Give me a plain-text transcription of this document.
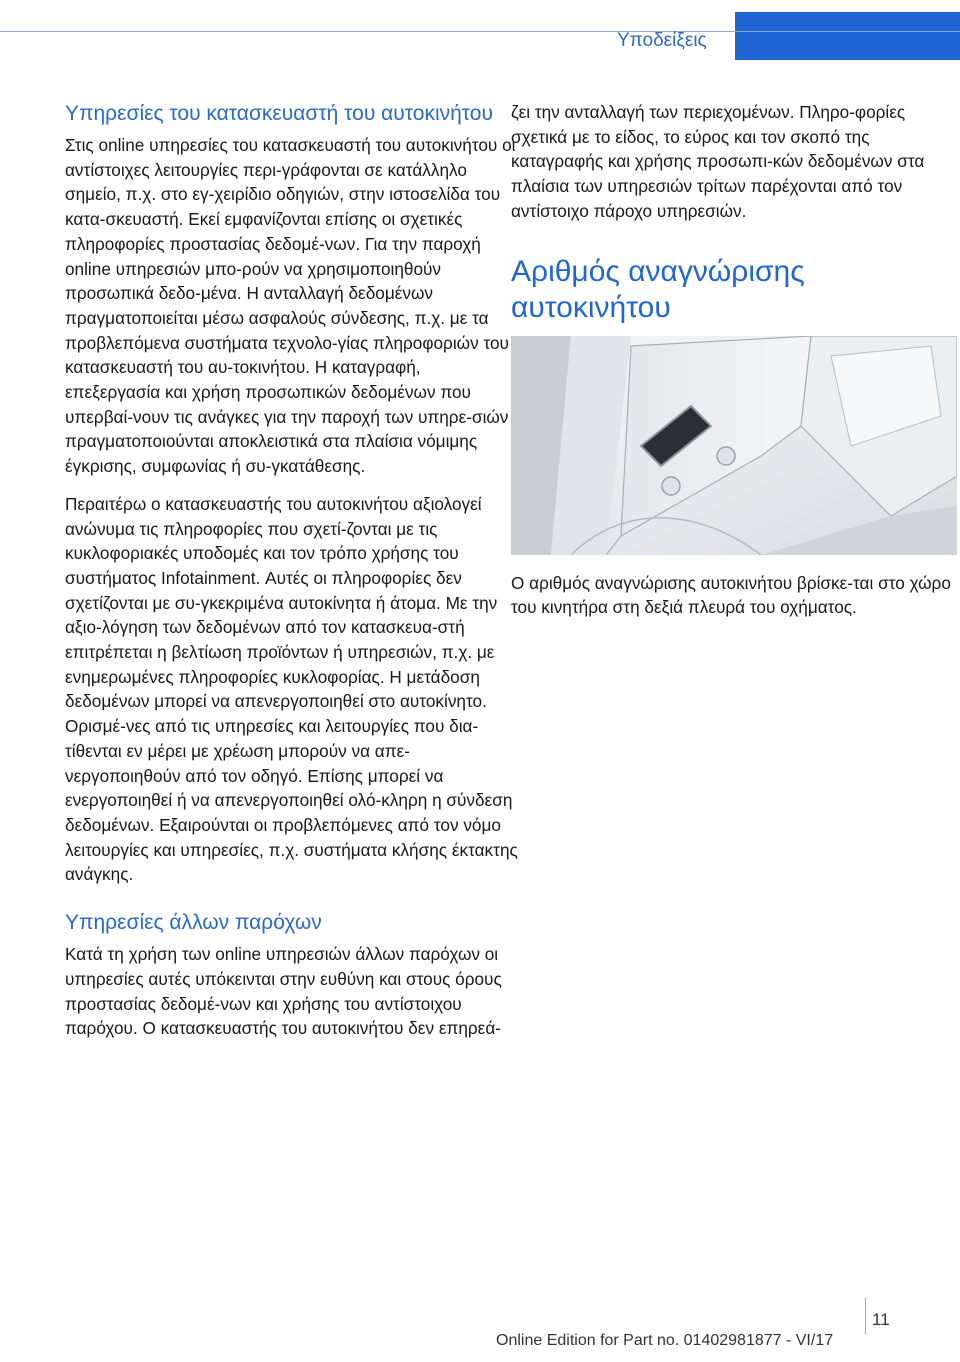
Υποδείξεις
Υπηρεσίες του κατασκευαστή του αυτοκινήτου

Στις online υπηρεσίες του κατασκευαστή του αυτοκινήτου οι αντίστοιχες λειτουργίες περι-γράφονται σε κατάλληλο σημείο, π.χ. στο εγ-χειρίδιο οδηγιών, στην ιστοσελίδα του κατα-σκευαστή. Εκεί εμφανίζονται επίσης οι σχετικές πληροφορίες προστασίας δεδομέ-νων. Για την παροχή online υπηρεσιών μπο-ρούν να χρησιμοποιηθούν προσωπικά δεδο-μένα. Η ανταλλαγή δεδομένων πραγματοποιείται μέσω ασφαλούς σύνδεσης, π.χ. με τα προβλεπόμενα συστήματα τεχνολο-γίας πληροφοριών του κατασκευαστή του αυ-τοκινήτου. Η καταγραφή, επεξεργασία και χρήση προσωπικών δεδομένων που υπερβαί-νουν τις ανάγκες για την παροχή των υπηρε-σιών πραγματοποιούνται αποκλειστικά στα πλαίσια νόμιμης έγκρισης, συμφωνίας ή συ-γκατάθεσης.

Περαιτέρω ο κατασκευαστής του αυτοκινήτου αξιολογεί ανώνυμα τις πληροφορίες που σχετί-ζονται με τις κυκλοφοριακές υποδομές και τον τρόπο χρήσης του συστήματος Infotainment. Αυτές οι πληροφορίες δεν σχετίζονται με συ-γκεκριμένα αυτοκίνητα ή άτομα. Με την αξιο-λόγηση των δεδομένων από τον κατασκευα-στή επιτρέπεται η βελτίωση προϊόντων ή υπηρεσιών, π.χ. με ενημερωμένες πληροφορίες κυκλοφορίας. Η μετάδοση δεδομένων μπορεί να απενεργοποιηθεί στο αυτοκίνητο. Ορισμέ-νες από τις υπηρεσίες και λειτουργίες που δια-τίθενται εν μέρει με χρέωση μπορούν να απε-νεργοποιηθούν από τον οδηγό. Επίσης μπορεί να ενεργοποιηθεί ή να απενεργοποιηθεί ολό-κληρη η σύνδεση δεδομένων. Εξαιρούνται οι προβλεπόμενες από τον νόμο λειτουργίες και υπηρεσίες, π.χ. συστήματα κλήσης έκτακτης ανάγκης.

Υπηρεσίες άλλων παρόχων

Κατά τη χρήση των online υπηρεσιών άλλων παρόχων οι υπηρεσίες αυτές υπόκεινται στην ευθύνη και στους όρους προστασίας δεδομέ-νων και χρήσης του αντίστοιχου παρόχου. Ο κατασκευαστής του αυτοκινήτου δεν επηρεά-

ζει την ανταλλαγή των περιεχομένων. Πληρο-φορίες σχετικά με το είδος, το εύρος και τον σκοπό της καταγραφής και χρήσης προσωπι-κών δεδομένων στα πλαίσια των υπηρεσιών τρίτων παρέχονται από τον αντίστοιχο πάροχο υπηρεσιών.

Αριθμός αναγνώρισης αυτοκινήτου

Ο αριθμός αναγνώρισης αυτοκινήτου βρίσκε-ται στο χώρο του κινητήρα στη δεξιά πλευρά του οχήματος.

11
Online Edition for Part no. 01402981877 - VI/17
